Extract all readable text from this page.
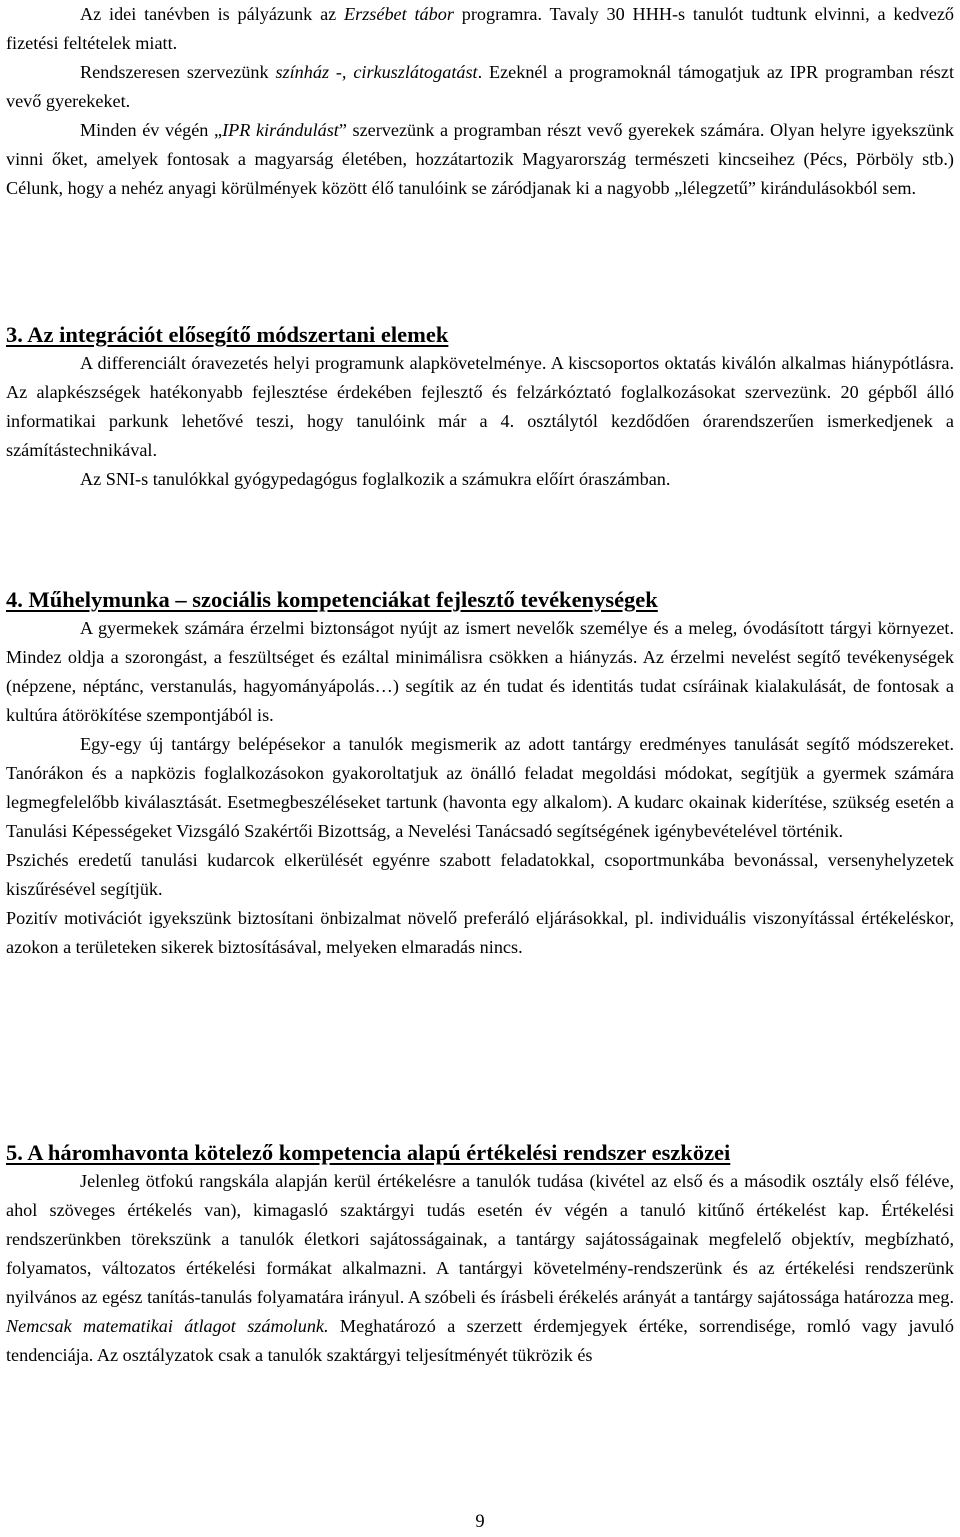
Az idei tanévben is pályázunk az Erzsébet tábor programra. Tavaly 30 HHH-s tanulót tudtunk elvinni, a kedvező fizetési feltételek miatt.

Rendszeresen szervezünk színház -, cirkuszlátogatást. Ezeknél a programoknál támogatjuk az IPR programban részt vevő gyerekeket.

Minden év végén „IPR kirándulást” szervezünk a programban részt vevő gyerekek számára. Olyan helyre igyekszünk vinni őket, amelyek fontosak a magyarság életében, hozzátartozik Magyarország természeti kincseihez (Pécs, Pörböly stb.) Célunk, hogy a nehéz anyagi körülmények között élő tanulóink se záródjanak ki a nagyobb „lélegzetű” kirándulásokból sem.

3. Az integrációt elősegítő módszertani elemek

A differenciált óravezetés helyi programunk alapkövetelménye. A kiscsoportos oktatás kiválón alkalmas hiánypótlásra. Az alapkészségek hatékonyabb fejlesztése érdekében fejlesztő és felzárkóztató foglalkozásokat szervezünk. 20 gépből álló informatikai parkunk lehetővé teszi, hogy tanulóink már a 4. osztálytól kezdődően órarendszerűen ismerkedjenek a számítástechnikával.

Az SNI-s tanulókkal gyógypedagógus foglalkozik a számukra előírt óraszámban.

4. Műhelymunka – szociális kompetenciákat fejlesztő tevékenységek

A gyermekek számára érzelmi biztonságot nyújt az ismert nevelők személye és a meleg, óvodásított tárgyi környezet. Mindez oldja a szorongást, a feszültséget és ezáltal minimálisra csökken a hiányzás. Az érzelmi nevelést segítő tevékenységek (népzene, néptánc, verstanulás, hagyományápolás…) segítik az én tudat és identitás tudat csíráinak kialakulását, de fontosak a kultúra átörökítése szempontjából is.

Egy-egy új tantárgy belépésekor a tanulók megismerik az adott tantárgy eredményes tanulását segítő módszereket. Tanórákon és a napközis foglalkozásokon gyakoroltatjuk az önálló feladat megoldási módokat, segítjük a gyermek számára legmegfelelőbb kiválasztását. Esetmegbeszéléseket tartunk (havonta egy alkalom). A kudarc okainak kiderítése, szükség esetén a Tanulási Képességeket Vizsgáló Szakértői Bizottság, a Nevelési Tanácsadó segítségének igénybevételével történik.

Pszichés eredetű tanulási kudarcok elkerülését egyénre szabott feladatokkal, csoportmunkába bevonással, versenyhelyzetek kiszűrésével segítjük.

Pozitív motivációt igyekszünk biztosítani önbizalmat növelő preferáló eljárásokkal, pl. individuális viszonyítással értékeléskor, azokon a területeken sikerek biztosításával, melyeken elmaradás nincs.

5. A háromhavonta kötelező kompetencia alapú értékelési rendszer eszközei

Jelenleg ötfokú rangskála alapján kerül értékelésre a tanulók tudása (kivétel az első és a második osztály első féléve, ahol szöveges értékelés van), kimagasló szaktárgyi tudás esetén év végén a tanuló kitűnő értékelést kap. Értékelési rendszerünkben törekszünk a tanulók életkori sajátosságainak, a tantárgy sajátosságainak megfelelő objektív, megbízható, folyamatos, változatos értékelési formákat alkalmazni. A tantárgyi követelmény-rendszerünk és az értékelési rendszerünk nyilvános az egész tanítás-tanulás folyamatára irányul. A szóbeli és írásbeli érékelés arányát a tantárgy sajátossága határozza meg. Nemcsak matematikai átlagot számolunk. Meghatározó a szerzett érdemjegyek értéke, sorrendisége, romló vagy javuló tendenciája. Az osztályzatok csak a tanulók szaktárgyi teljesítményét tükrözik és

9
